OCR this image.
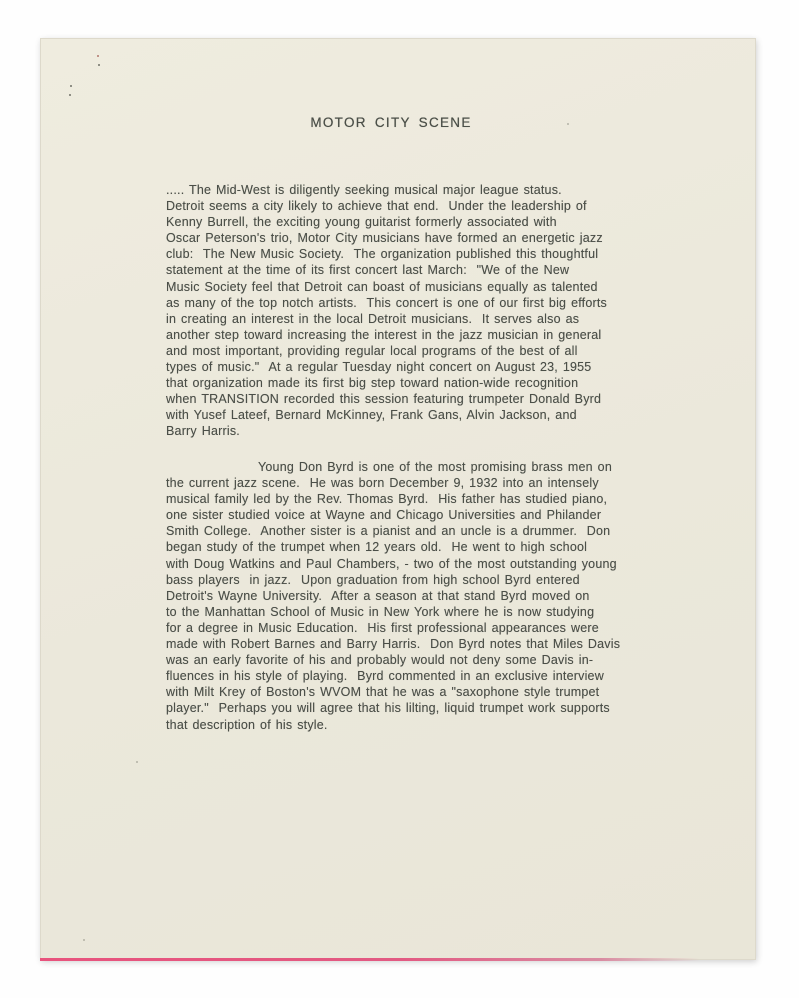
MOTOR CITY SCENE
..... The Mid-West is diligently seeking musical major league status.
Detroit seems a city likely to achieve that end.  Under the leadership of
Kenny Burrell, the exciting young guitarist formerly associated with
Oscar Peterson's trio, Motor City musicians have formed an energetic jazz
club:  The New Music Society.  The organization published this thoughtful
statement at the time of its first concert last March:  "We of the New
Music Society feel that Detroit can boast of musicians equally as talented
as many of the top notch artists.  This concert is one of our first big efforts
in creating an interest in the local Detroit musicians.  It serves also as
another step toward increasing the interest in the jazz musician in general
and most important, providing regular local programs of the best of all
types of music."  At a regular Tuesday night concert on August 23, 1955
that organization made its first big step toward nation-wide recognition
when TRANSITION recorded this session featuring trumpeter Donald Byrd
with Yusef Lateef, Bernard McKinney, Frank Gans, Alvin Jackson, and
Barry Harris.
Young Don Byrd is one of the most promising brass men on
the current jazz scene.  He was born December 9, 1932 into an intensely
musical family led by the Rev. Thomas Byrd.  His father has studied piano,
one sister studied voice at Wayne and Chicago Universities and Philander
Smith College.  Another sister is a pianist and an uncle is a drummer.  Don
began study of the trumpet when 12 years old.  He went to high school
with Doug Watkins and Paul Chambers, - two of the most outstanding young
bass players  in jazz.  Upon graduation from high school Byrd entered
Detroit's Wayne University.  After a season at that stand Byrd moved on
to the Manhattan School of Music in New York where he is now studying
for a degree in Music Education.  His first professional appearances were
made with Robert Barnes and Barry Harris.  Don Byrd notes that Miles Davis
was an early favorite of his and probably would not deny some Davis in-
fluences in his style of playing.  Byrd commented in an exclusive interview
with Milt Krey of Boston's WVOM that he was a "saxophone style trumpet
player."  Perhaps you will agree that his lilting, liquid trumpet work supports
that description of his style.
